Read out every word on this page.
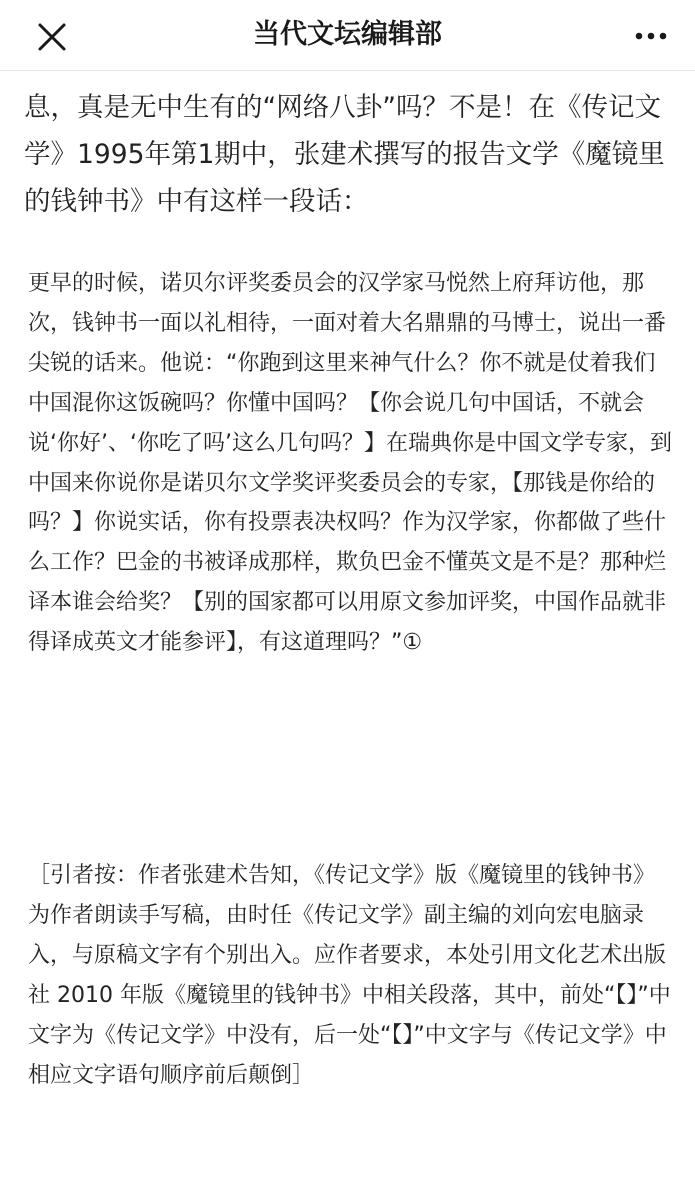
当代文坛编辑部

息，真是无中生有的“网络八卦”吗？不是！在《传记文学》1995年第1期中，张建术撰写的报告文学《魔镜里的钱钟书》中有这样一段话：

更早的时候，诺贝尔评奖委员会的汉学家马悦然上府拜访他，那次，钱钟书一面以礼相待，一面对着大名鼎鼎的马博士，说出一番尖锐的话来。他说：“你跑到这里来神气什么？你不就是仗着我们中国混你这饭碗吗？你懂中国吗？【你会说几句中国话，不就会说‘你好’、‘你吃了吗’这么几句吗？】在瑞典你是中国文学专家，到中国来你说你是诺贝尔文学奖评奖委员会的专家，【那钱是你给的吗？】你说实话，你有投票表决权吗？作为汉学家，你都做了些什么工作？巴金的书被译成那样，欺负巴金不懂英文是不是？那种烂译本谁会给奖？【别的国家都可以用原文参加评奖，中国作品就非得译成英文才能参评】，有这道理吗？”①

［引者按：作者张建术告知，《传记文学》版《魔镜里的钱钟书》为作者朗读手写稿，由时任《传记文学》副主编的刘向宏电脑录入，与原稿文字有个别出入。应作者要求，本处引用文化艺术出版社 2010 年版《魔镜里的钱钟书》中相关段落，其中，前处“【】”中文字为《传记文学》中没有，后一处“【】”中文字与《传记文学》中相应文字语句顺序前后颠倒］
